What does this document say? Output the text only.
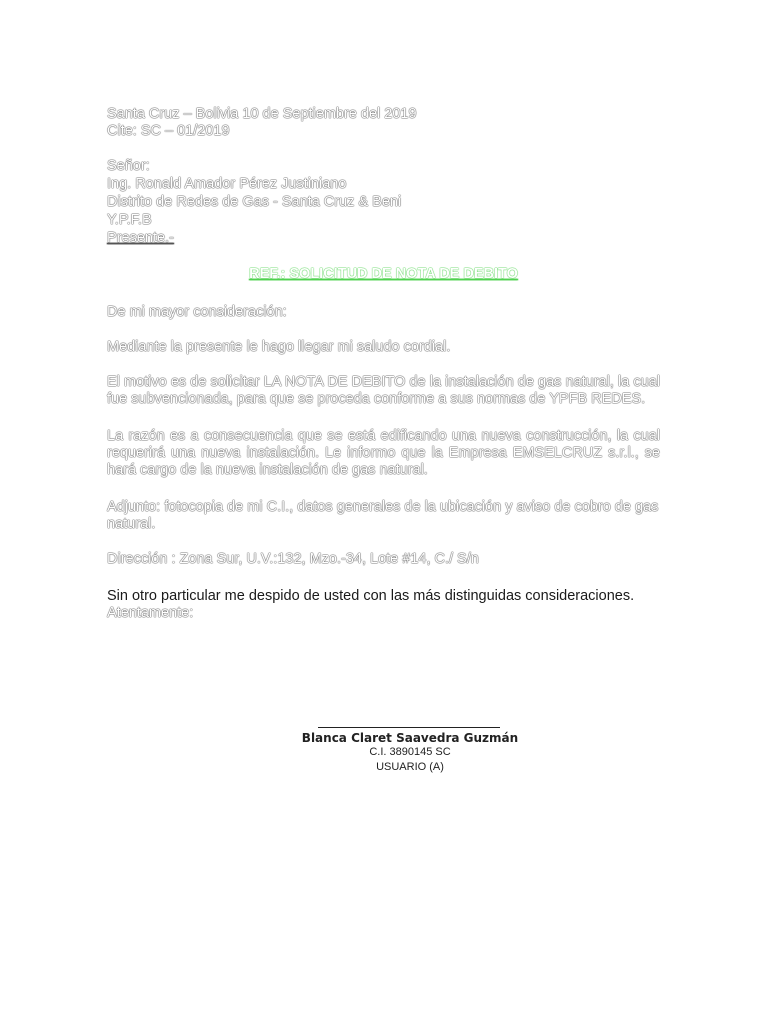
Santa Cruz – Bolivia 10 de Septiembre del 2019
Cite: SC – 01/2019
Señor:
Ing. Ronald Amador Pérez Justiniano
Distrito de Redes de Gas - Santa Cruz & Beni
Y.P.F.B
Presente.-
REF.: SOLICITUD DE NOTA DE DEBITO
De mi mayor consideración:
Mediante la presente le hago llegar mi saludo cordial.
El motivo es de solicitar LA NOTA DE DEBITO de la instalación de gas natural, la cual fue subvencionada, para que se proceda conforme a sus normas de YPFB REDES.
La razón es a consecuencia que se está edificando una nueva construcción, la cual requerirá una nueva instalación. Le informo que la Empresa EMSELCRUZ s.r.l., se hará cargo de la nueva instalación de gas natural.
Adjunto: fotocopia de mi C.I., datos generales de la ubicación y aviso de cobro de gas natural.
Dirección : Zona Sur, U.V.:132, Mzo.-34, Lote #14, C./ S/n
Sin otro particular me despido de usted con las más distinguidas consideraciones.
Atentamente:
Blanca Claret Saavedra Guzmán
C.I. 3890145 SC
USUARIO (A)
